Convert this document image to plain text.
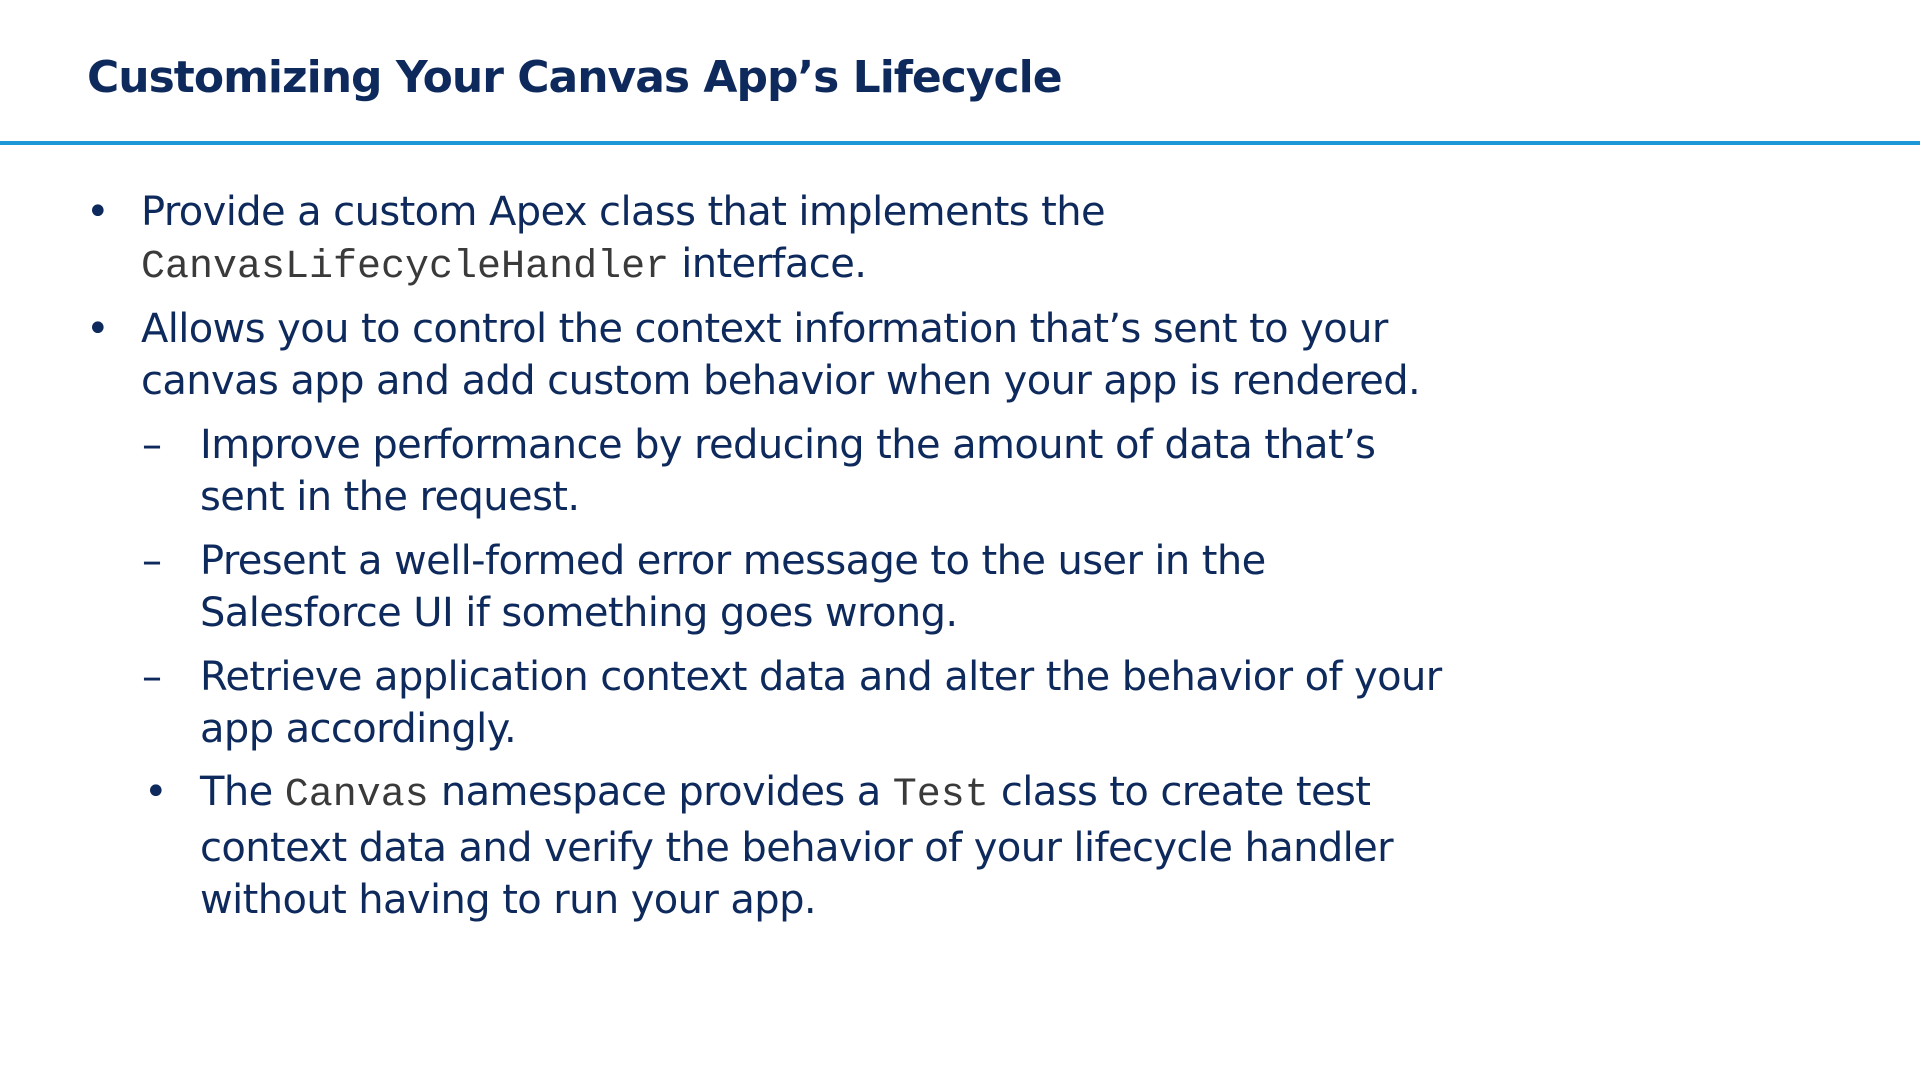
Customizing Your Canvas App’s Lifecycle
• Provide a custom Apex class that implements the
CanvasLifecycleHandler interface.
• Allows you to control the context information that’s sent to your
canvas app and add custom behavior when your app is rendered.
– Improve performance by reducing the amount of data that’s
sent in the request.
– Present a well-formed error message to the user in the
Salesforce UI if something goes wrong.
– Retrieve application context data and alter the behavior of your
app accordingly.
• The Canvas namespace provides a Test class to create test
context data and verify the behavior of your lifecycle handler
without having to run your app.
